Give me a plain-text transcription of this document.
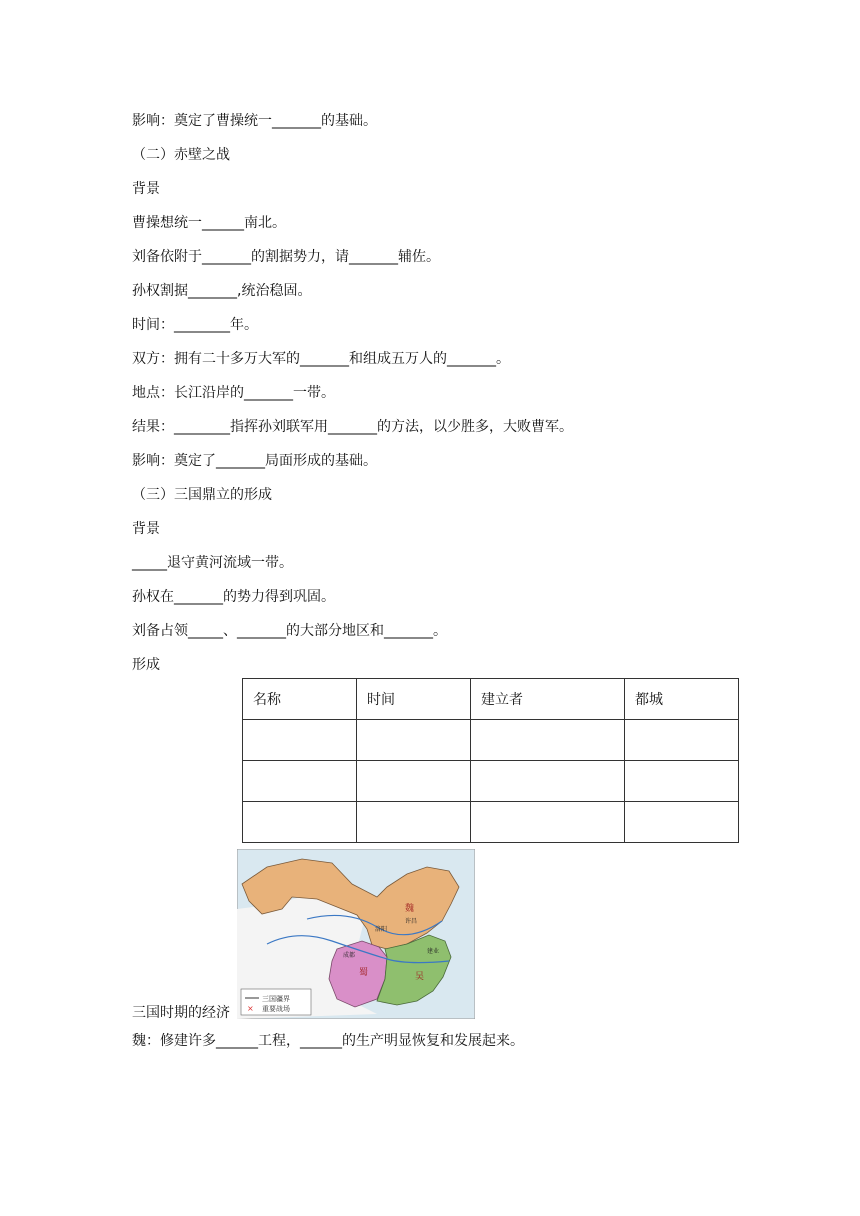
影响：奠定了曹操统一_______的基础。
（二）赤壁之战
背景
曹操想统一______南北。
刘备依附于_______的割据势力，请_______辅佐。
孙权割据_______,统治稳固。
时间：________年。
双方：拥有二十多万大军的_______和组成五万人的_______。
地点：长江沿岸的_______一带。
结果：________指挥孙刘联军用_______的方法，以少胜多，大败曹军。
影响：奠定了_______局面形成的基础。
（三）三国鼎立的形成
背景
_____退守黄河流域一带。
孙权在_______的势力得到巩固。
刘备占领_____、_______的大部分地区和_______。
形成
名称	时间	建立者	都城

三国疆界
× 重要战场
魏
许昌
洛阳
成都
蜀
建业
吴
三国时期的经济
魏：修建许多______工程，______的生产明显恢复和发展起来。
